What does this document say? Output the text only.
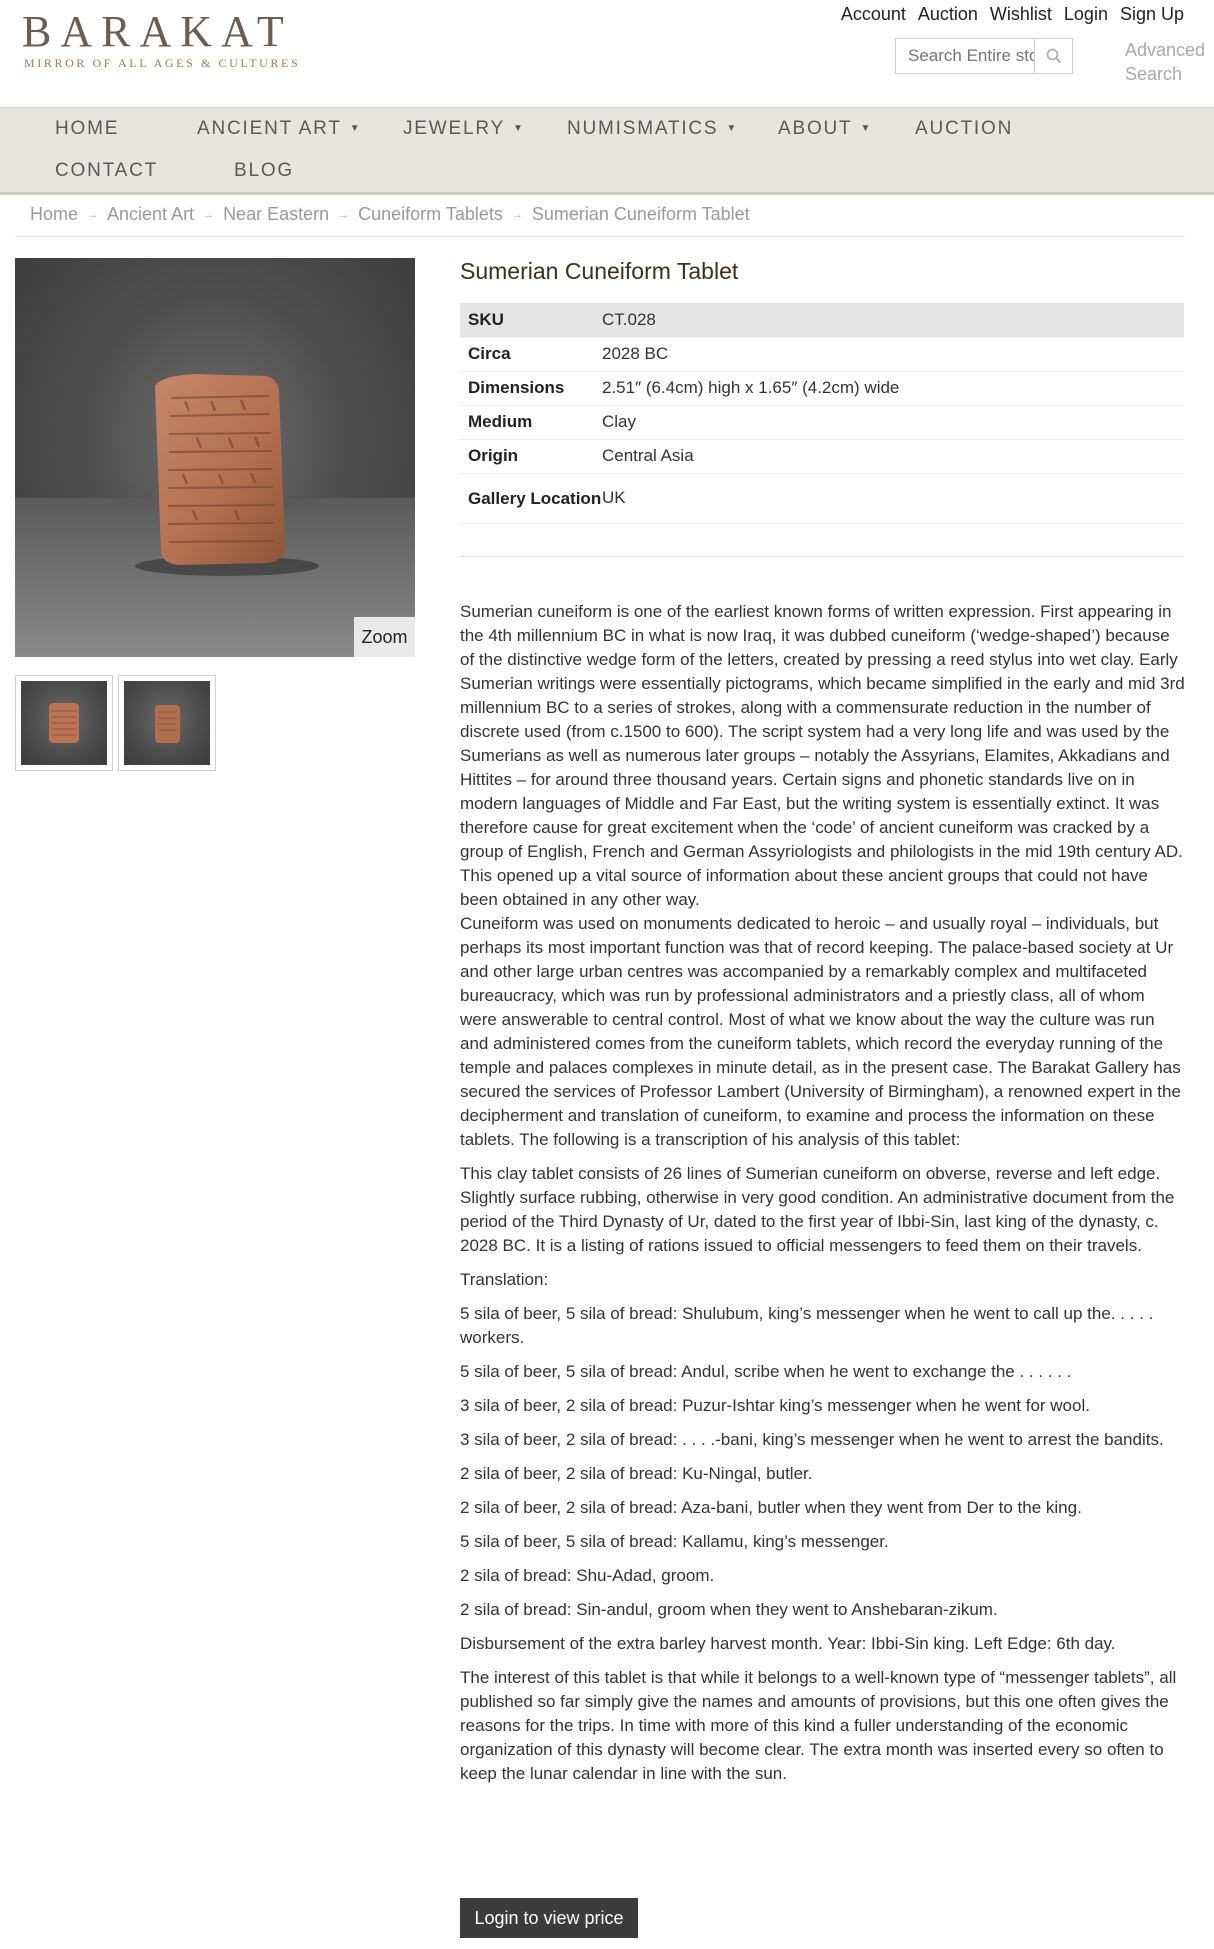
BARAKAT
MIRROR OF ALL AGES & CULTURES
Account Auction Wishlist Login Sign Up
Search Entire store
Advanced
Search
HOME	ANCIENT ART ▼ JEWELRY ▼ NUMISMATICS ▼ ABOUT ▼ AUCTION
CONTACT	BLOG
Home → Ancient Art → Near Eastern → Cuneiform Tablets → Sumerian Cuneiform Tablet
Zoom
Sumerian Cuneiform Tablet
SKU	CT.028
Circa	2028 BC
Dimensions	2.51″ (6.4cm) high x 1.65″ (4.2cm) wide
Medium	Clay
Origin	Central Asia
Gallery Location	UK

Sumerian cuneiform is one of the earliest known forms of written expression. First appearing in the 4th millennium BC in what is now Iraq, it was dubbed cuneiform (‘wedge-shaped’) because of the distinctive wedge form of the letters, created by pressing a reed stylus into wet clay. Early Sumerian writings were essentially pictograms, which became simplified in the early and mid 3rd millennium BC to a series of strokes, along with a commensurate reduction in the number of discrete used (from c.1500 to 600). The script system had a very long life and was used by the Sumerians as well as numerous later groups – notably the Assyrians, Elamites, Akkadians and Hittites – for around three thousand years. Certain signs and phonetic standards live on in modern languages of Middle and Far East, but the writing system is essentially extinct. It was therefore cause for great excitement when the ‘code’ of ancient cuneiform was cracked by a group of English, French and German Assyriologists and philologists in the mid 19th century AD. This opened up a vital source of information about these ancient groups that could not have been obtained in any other way.

Cuneiform was used on monuments dedicated to heroic – and usually royal – individuals, but perhaps its most important function was that of record keeping. The palace-based society at Ur and other large urban centres was accompanied by a remarkably complex and multifaceted bureaucracy, which was run by professional administrators and a priestly class, all of whom were answerable to central control. Most of what we know about the way the culture was run and administered comes from the cuneiform tablets, which record the everyday running of the temple and palaces complexes in minute detail, as in the present case. The Barakat Gallery has secured the services of Professor Lambert (University of Birmingham), a renowned expert in the decipherment and translation of cuneiform, to examine and process the information on these tablets. The following is a transcription of his analysis of this tablet:

This clay tablet consists of 26 lines of Sumerian cuneiform on obverse, reverse and left edge. Slightly surface rubbing, otherwise in very good condition. An administrative document from the period of the Third Dynasty of Ur, dated to the first year of Ibbi-Sin, last king of the dynasty, c. 2028 BC. It is a listing of rations issued to official messengers to feed them on their travels.

Translation:

5 sila of beer, 5 sila of bread: Shulubum, king’s messenger when he went to call up the. . . . . workers.

5 sila of beer, 5 sila of bread: Andul, scribe when he went to exchange the . . . . . .

3 sila of beer, 2 sila of bread: Puzur-Ishtar king’s messenger when he went for wool.

3 sila of beer, 2 sila of bread: . . . .-bani, king’s messenger when he went to arrest the bandits.

2 sila of beer, 2 sila of bread: Ku-Ningal, butler.

2 sila of beer, 2 sila of bread: Aza-bani, butler when they went from Der to the king.

5 sila of beer, 5 sila of bread: Kallamu, king’s messenger.

2 sila of bread: Shu-Adad, groom.

2 sila of bread: Sin-andul, groom when they went to Anshebaran-zikum.

Disbursement of the extra barley harvest month. Year: Ibbi-Sin king. Left Edge: 6th day.

The interest of this tablet is that while it belongs to a well-known type of “messenger tablets”, all published so far simply give the names and amounts of provisions, but this one often gives the reasons for the trips. In time with more of this kind a fuller understanding of the economic organization of this dynasty will become clear. The extra month was inserted every so often to keep the lunar calendar in line with the sun.

Login to view price
